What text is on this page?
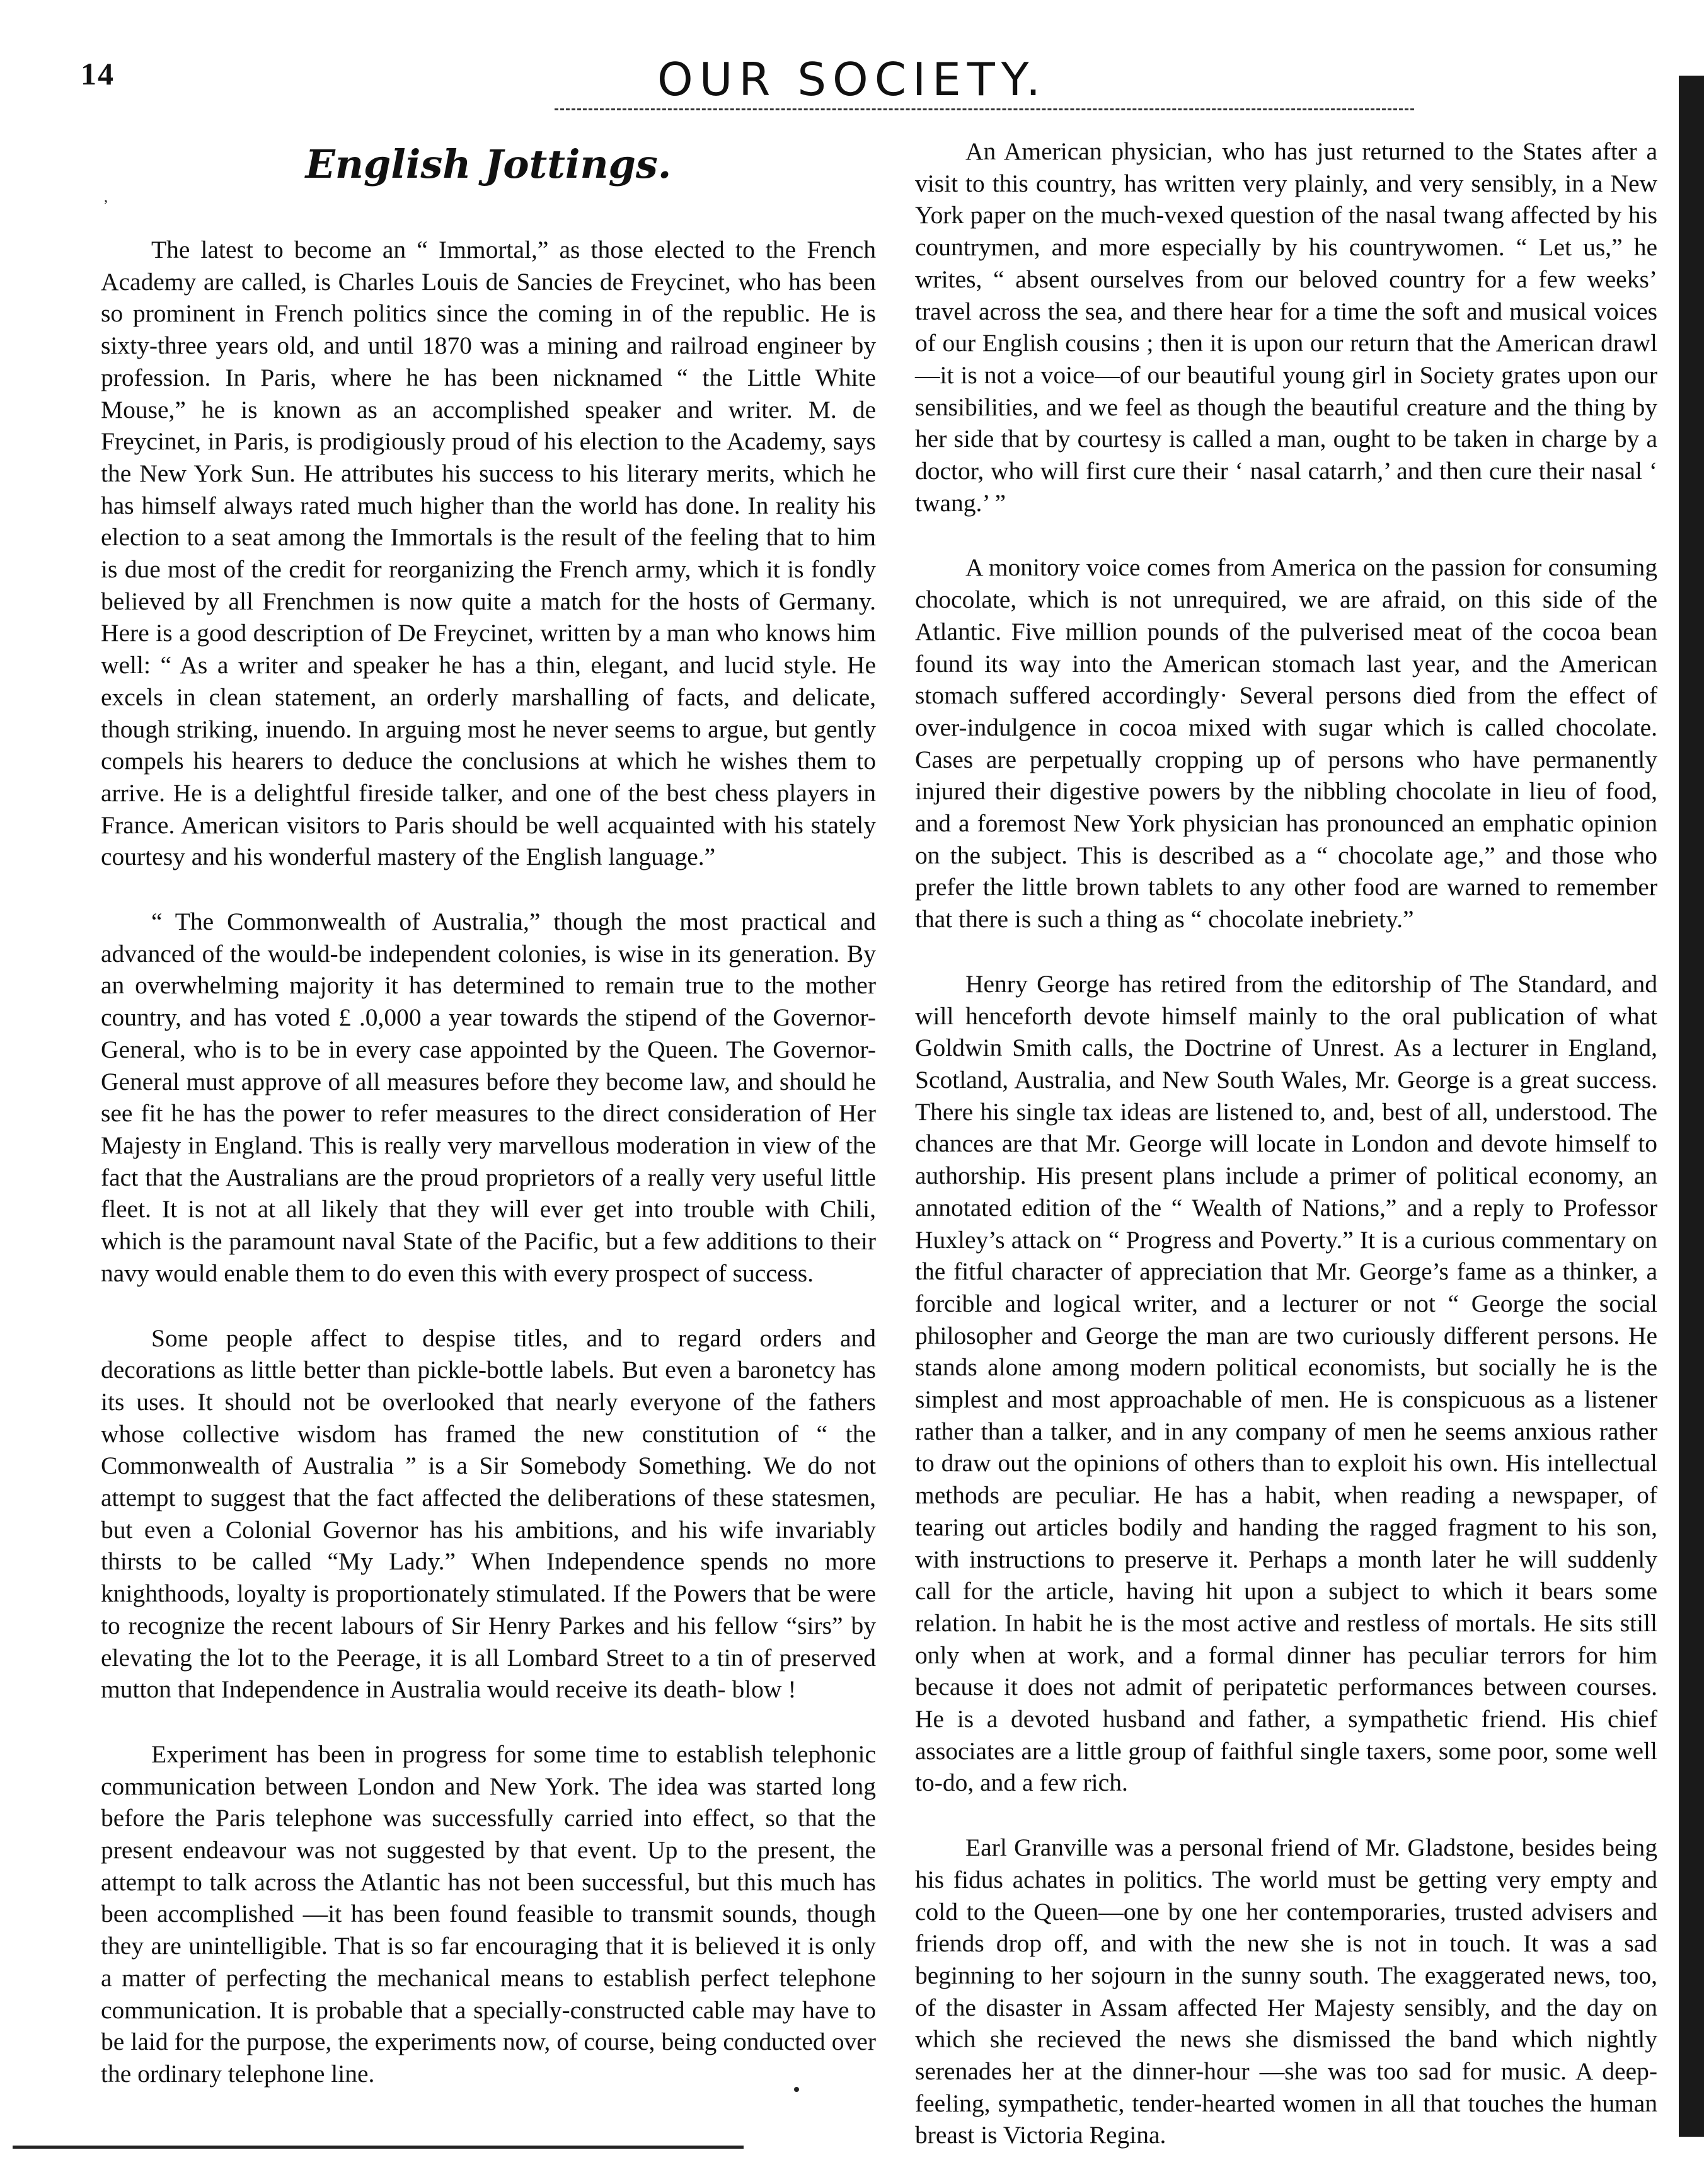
14	OUR SOCIETY.
,
English Jottings.

The latest to become an “ Immortal,” as those elected to the French Academy are called, is Charles Louis de Sancies de Freycinet, who has been so prominent in French politics since the coming in of the republic. He is sixty-three years old, and until 1870 was a mining and railroad engineer by profession. In Paris, where he has been nicknamed “ the Little White Mouse,” he is known as an accomplished speaker and writer. M. de Freycinet, in Paris, is prodigiously proud of his election to the Academy, says the New York Sun. He attributes his success to his literary merits, which he has himself always rated much higher than the world has done. In reality his election to a seat among the Immortals is the result of the feeling that to him is due most of the credit for reorganizing the French army, which it is fondly believed by all Frenchmen is now quite a match for the hosts of Germany. Here is a good description of De Freycinet, written by a man who knows him well: “ As a writer and speaker he has a thin, elegant, and lucid style. He excels in clean statement, an orderly marshalling of facts, and delicate, though striking, inuendo. In arguing most he never seems to argue, but gently compels his hearers to deduce the conclusions at which he wishes them to arrive. He is a delightful fireside talker, and one of the best chess players in France. American visitors to Paris should be well acquainted with his stately courtesy and his wonderful mastery of the English language.”

“ The Commonwealth of Australia,” though the most practical and advanced of the would-be independent colonies, is wise in its generation. By an overwhelming majority it has determined to remain true to the mother country, and has voted £ .0,000 a year towards the stipend of the Governor-General, who is to be in every case appointed by the Queen. The Governor-General must approve of all measures before they become law, and should he see fit he has the power to refer measures to the direct consideration of Her Majesty in England. This is really very marvellous moderation in view of the fact that the Australians are the proud proprietors of a really very useful little fleet. It is not at all likely that they will ever get into trouble with Chili, which is the paramount naval State of the Pacific, but a few additions to their navy would enable them to do even this with every prospect of success.

Some people affect to despise titles, and to regard orders and decorations as little better than pickle-bottle labels. But even a baronetcy has its uses. It should not be overlooked that nearly everyone of the fathers whose collective wisdom has framed the new constitution of “ the Commonwealth of Australia ” is a Sir Somebody Something. We do not attempt to suggest that the fact affected the deliberations of these statesmen, but even a Colonial Governor has his ambitions, and his wife invariably thirsts to be called “My Lady.” When Independence spends no more knighthoods, loyalty is proportionately stimulated. If the Powers that be were to recognize the recent labours of Sir Henry Parkes and his fellow “sirs” by elevating the lot to the Peerage, it is all Lombard Street to a tin of preserved mutton that Independence in Australia would receive its death- blow !

Experiment has been in progress for some time to establish telephonic communication between London and New York. The idea was started long before the Paris telephone was successfully carried into effect, so that the present endeavour was not suggested by that event. Up to the present, the attempt to talk across the Atlantic has not been successful, but this much has been accomplished —it has been found feasible to transmit sounds, though they are unintelligible. That is so far encouraging that it is believed it is only a matter of perfecting the mechanical means to establish perfect telephone communication. It is probable that a specially-constructed cable may have to be laid for the purpose, the experiments now, of course, being conducted over the ordinary telephone line.

An American physician, who has just returned to the States after a visit to this country, has written very plainly, and very sensibly, in a New York paper on the much-vexed question of the nasal twang affected by his countrymen, and more especially by his countrywomen. “ Let us,” he writes, “ absent ourselves from our beloved country for a few weeks’ travel across the sea, and there hear for a time the soft and musical voices of our English cousins ; then it is upon our return that the American drawl —it is not a voice—of our beautiful young girl in Society grates upon our sensibilities, and we feel as though the beautiful creature and the thing by her side that by courtesy is called a man, ought to be taken in charge by a doctor, who will first cure their ‘ nasal catarrh,’ and then cure their nasal ‘ twang.’ ”

A monitory voice comes from America on the passion for consuming chocolate, which is not unrequired, we are afraid, on this side of the Atlantic. Five million pounds of the pulverised meat of the cocoa bean found its way into the American stomach last year, and the American stomach suffered accordingly· Several persons died from the effect of over-indulgence in cocoa mixed with sugar which is called chocolate. Cases are perpetually cropping up of persons who have permanently injured their digestive powers by the nibbling chocolate in lieu of food, and a foremost New York physician has pronounced an emphatic opinion on the subject. This is described as a “ chocolate age,” and those who prefer the little brown tablets to any other food are warned to remember that there is such a thing as “ chocolate inebriety.”

Henry George has retired from the editorship of The Standard, and will henceforth devote himself mainly to the oral publication of what Goldwin Smith calls, the Doctrine of Unrest. As a lecturer in England, Scotland, Australia, and New South Wales, Mr. George is a great success. There his single tax ideas are listened to, and, best of all, understood. The chances are that Mr. George will locate in London and devote himself to authorship. His present plans include a primer of political economy, an annotated edition of the “ Wealth of Nations,” and a reply to Professor Huxley’s attack on “ Progress and Poverty.” It is a curious commentary on the fitful character of appreciation that Mr. George’s fame as a thinker, a forcible and logical writer, and a lecturer or not “ George the social philosopher and George the man are two curiously different persons. He stands alone among modern political economists, but socially he is the simplest and most approachable of men. He is conspicuous as a listener rather than a talker, and in any company of men he seems anxious rather to draw out the opinions of others than to exploit his own. His intellectual methods are peculiar. He has a habit, when reading a newspaper, of tearing out articles bodily and handing the ragged fragment to his son, with instructions to preserve it. Perhaps a month later he will suddenly call for the article, having hit upon a subject to which it bears some relation. In habit he is the most active and restless of mortals. He sits still only when at work, and a formal dinner has peculiar terrors for him because it does not admit of peripatetic performances between courses. He is a devoted husband and father, a sympathetic friend. His chief associates are a little group of faithful single taxers, some poor, some well to-do, and a few rich.

Earl Granville was a personal friend of Mr. Gladstone, besides being his fidus achates in politics. The world must be getting very empty and cold to the Queen—one by one her contemporaries, trusted advisers and friends drop off, and with the new she is not in touch. It was a sad beginning to her sojourn in the sunny south. The exaggerated news, too, of the disaster in Assam affected Her Majesty sensibly, and the day on which she recieved the news she dismissed the band which nightly serenades her at the dinner-hour —she was too sad for music. A deep-feeling, sympathetic, tender-hearted women in all that touches the human breast is Victoria Regina.
